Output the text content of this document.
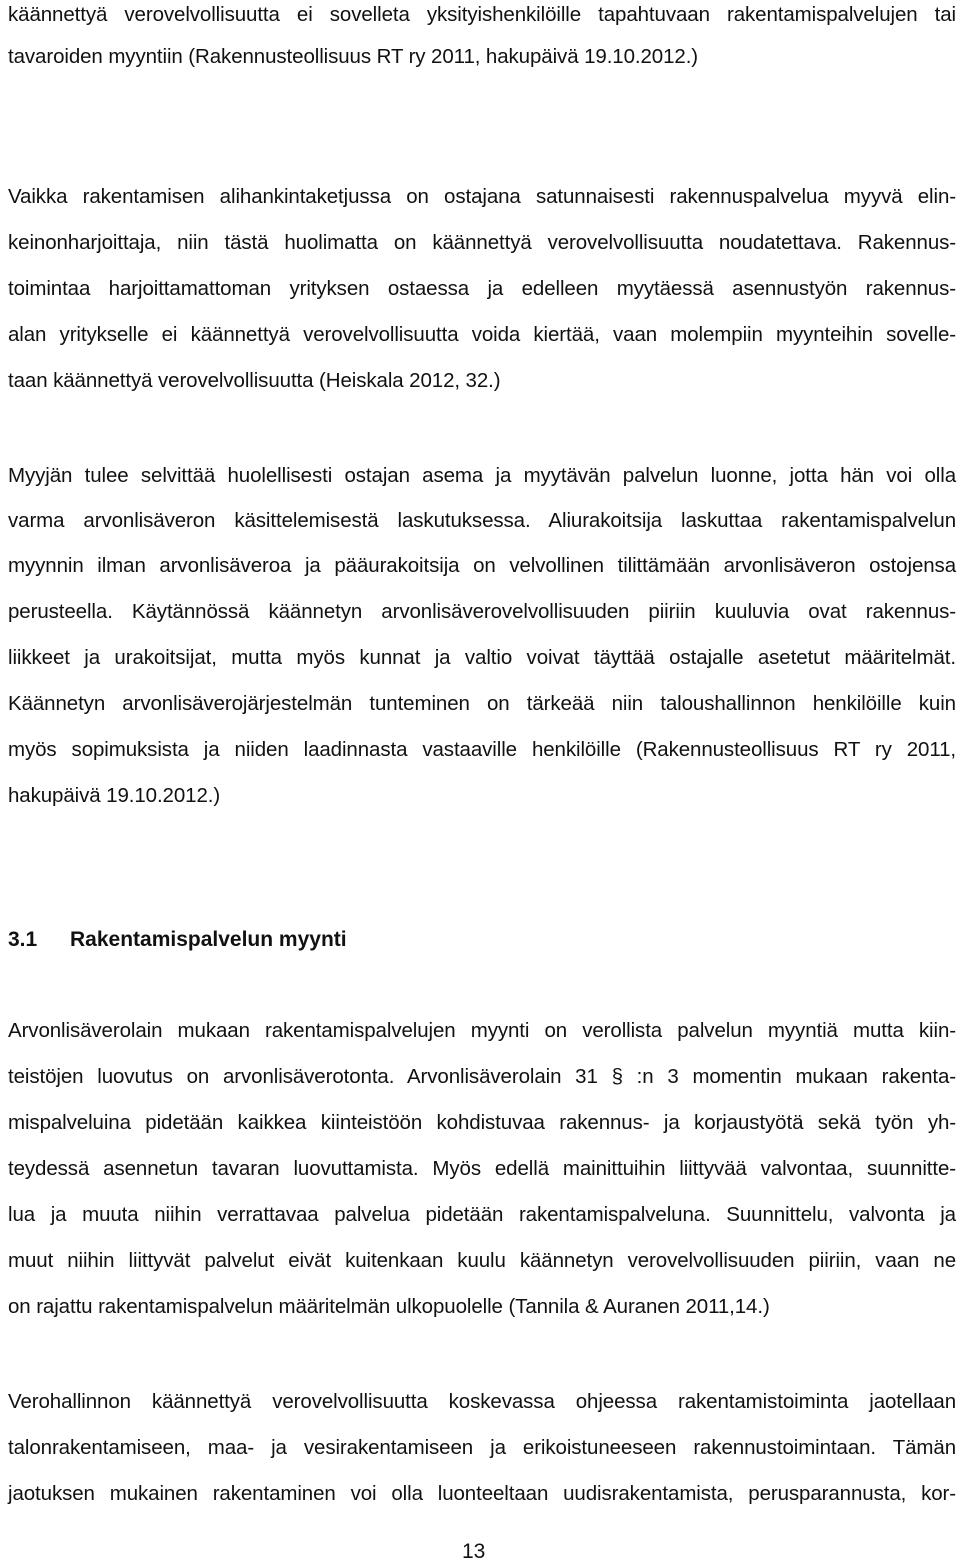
käännettyä verovelvollisuutta ei sovelleta yksityishenkilöille tapahtuvaan rakentamispalvelujen tai
tavaroiden myyntiin (Rakennusteollisuus RT ry 2011, hakupäivä 19.10.2012.)
Vaikka rakentamisen alihankintaketjussa on ostajana satunnaisesti rakennuspalvelua myyvä elin-
keinonharjoittaja, niin tästä huolimatta on käännettyä verovelvollisuutta noudatettava. Rakennus-
toimintaa harjoittamattoman yrityksen ostaessa ja edelleen myytäessä asennustyön rakennus-
alan yritykselle ei käännettyä verovelvollisuutta voida kiertää, vaan molempiin myynteihin sovelle-
taan käännettyä verovelvollisuutta (Heiskala 2012, 32.)
Myyjän tulee selvittää huolellisesti ostajan asema ja myytävän palvelun luonne, jotta hän voi olla
varma arvonlisäveron käsittelemisestä laskutuksessa. Aliurakoitsija laskuttaa rakentamispalvelun
myynnin ilman arvonlisäveroa ja pääurakoitsija on velvollinen tilittämään arvonlisäveron ostojensa
perusteella. Käytännössä käännetyn arvonlisäverovelvollisuuden piiriin kuuluvia ovat rakennus-
liikkeet ja urakoitsijat, mutta myös kunnat ja valtio voivat täyttää ostajalle asetetut määritelmät.
Käännetyn arvonlisäverojärjestelmän tunteminen on tärkeää niin taloushallinnon henkilöille kuin
myös sopimuksista ja niiden laadinnasta vastaaville henkilöille (Rakennusteollisuus RT ry 2011,
hakupäivä 19.10.2012.)
3.1 Rakentamispalvelun myynti
Arvonlisäverolain mukaan rakentamispalvelujen myynti on verollista palvelun myyntiä mutta kiin-
teistöjen luovutus on arvonlisäverotonta. Arvonlisäverolain 31 § :n 3 momentin mukaan rakenta-
mispalveluina pidetään kaikkea kiinteistöön kohdistuvaa rakennus- ja korjaustyötä sekä työn yh-
teydessä asennetun tavaran luovuttamista. Myös edellä mainittuihin liittyvää valvontaa, suunnitte-
lua ja muuta niihin verrattavaa palvelua pidetään rakentamispalveluna. Suunnittelu, valvonta ja
muut niihin liittyvät palvelut eivät kuitenkaan kuulu käännetyn verovelvollisuuden piiriin, vaan ne
on rajattu rakentamispalvelun määritelmän ulkopuolelle (Tannila & Auranen 2011,14.)
Verohallinnon käännettyä verovelvollisuutta koskevassa ohjeessa rakentamistoiminta jaotellaan
talonrakentamiseen, maa- ja vesirakentamiseen ja erikoistuneeseen rakennustoimintaan. Tämän
jaotuksen mukainen rakentaminen voi olla luonteeltaan uudisrakentamista, perusparannusta, kor-
13
